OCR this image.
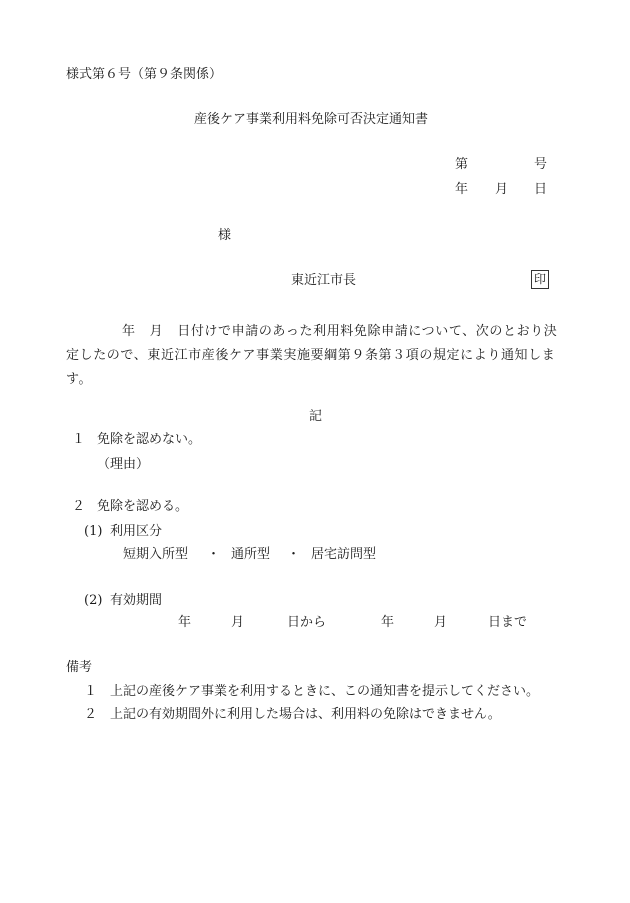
様式第６号（第９条関係）
産後ケア事業利用料免除可否決定通知書
第	号
年 月 日
様
東近江市長	印
年 月 日付けで申請のあった利用料免除申請について、次のとおり決定したので、東近江市産後ケア事業実施要綱第９条第３項の規定により通知します。
記
１ 免除を認めない。
（理由）
２ 免除を認める。
(1) 利用区分
短期入所型 ・ 通所型 ・ 居宅訪問型
(2) 有効期間
年	月	日から	年	月	日まで
備考
１ 上記の産後ケア事業を利用するときに、この通知書を提示してください。
２ 上記の有効期間外に利用した場合は、利用料の免除はできません。
